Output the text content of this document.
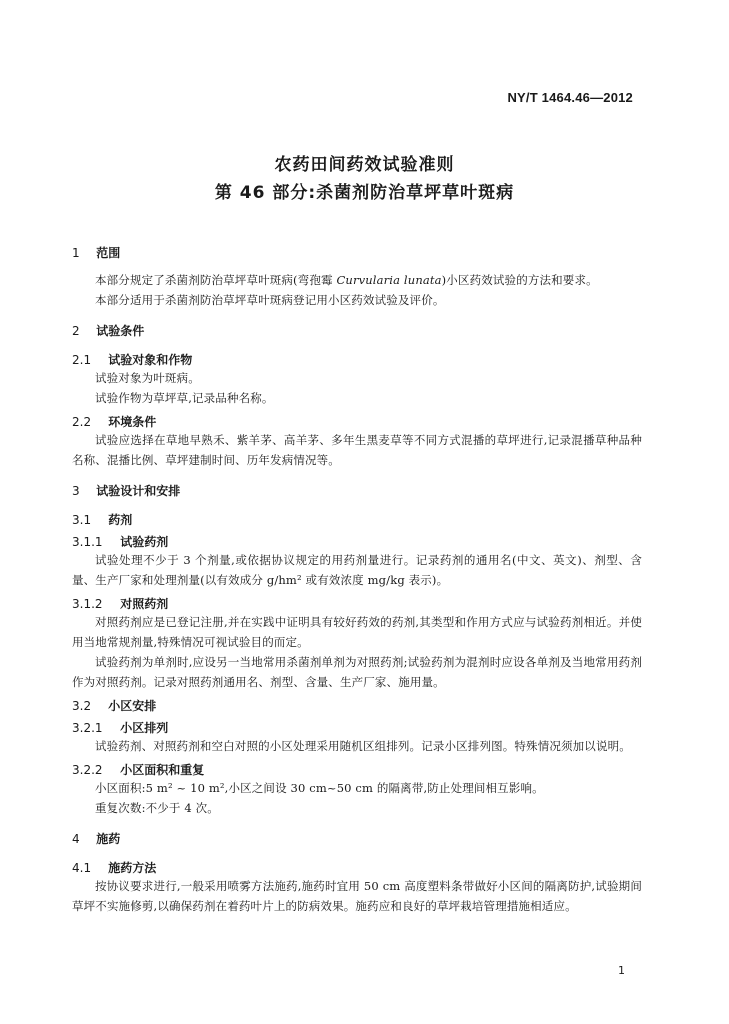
NY/T 1464.46—2012
农药田间药效试验准则
第 46 部分:杀菌剂防治草坪草叶斑病
1 范围
本部分规定了杀菌剂防治草坪草叶斑病(弯孢霉 Curvularia lunata)小区药效试验的方法和要求。
本部分适用于杀菌剂防治草坪草叶斑病登记用小区药效试验及评价。
2 试验条件
2.1 试验对象和作物
试验对象为叶斑病。
试验作物为草坪草,记录品种名称。
2.2 环境条件
试验应选择在草地早熟禾、紫羊茅、高羊茅、多年生黑麦草等不同方式混播的草坪进行,记录混播草种品种名称、混播比例、草坪建制时间、历年发病情况等。
3 试验设计和安排
3.1 药剂
3.1.1 试验药剂
试验处理不少于 3 个剂量,或依据协议规定的用药剂量进行。记录药剂的通用名(中文、英文)、剂型、含量、生产厂家和处理剂量(以有效成分 g/hm² 或有效浓度 mg/kg 表示)。
3.1.2 对照药剂
对照药剂应是已登记注册,并在实践中证明具有较好药效的药剂,其类型和作用方式应与试验药剂相近。并使用当地常规剂量,特殊情况可视试验目的而定。
试验药剂为单剂时,应设另一当地常用杀菌剂单剂为对照药剂;试验药剂为混剂时应设各单剂及当地常用药剂作为对照药剂。记录对照药剂通用名、剂型、含量、生产厂家、施用量。
3.2 小区安排
3.2.1 小区排列
试验药剂、对照药剂和空白对照的小区处理采用随机区组排列。记录小区排列图。特殊情况须加以说明。
3.2.2 小区面积和重复
小区面积:5 m² ~ 10 m²,小区之间设 30 cm~50 cm 的隔离带,防止处理间相互影响。
重复次数:不少于 4 次。
4 施药
4.1 施药方法
按协议要求进行,一般采用喷雾方法施药,施药时宜用 50 cm 高度塑料条带做好小区间的隔离防护,试验期间草坪不实施修剪,以确保药剂在着药叶片上的防病效果。施药应和良好的草坪栽培管理措施相适应。
1
